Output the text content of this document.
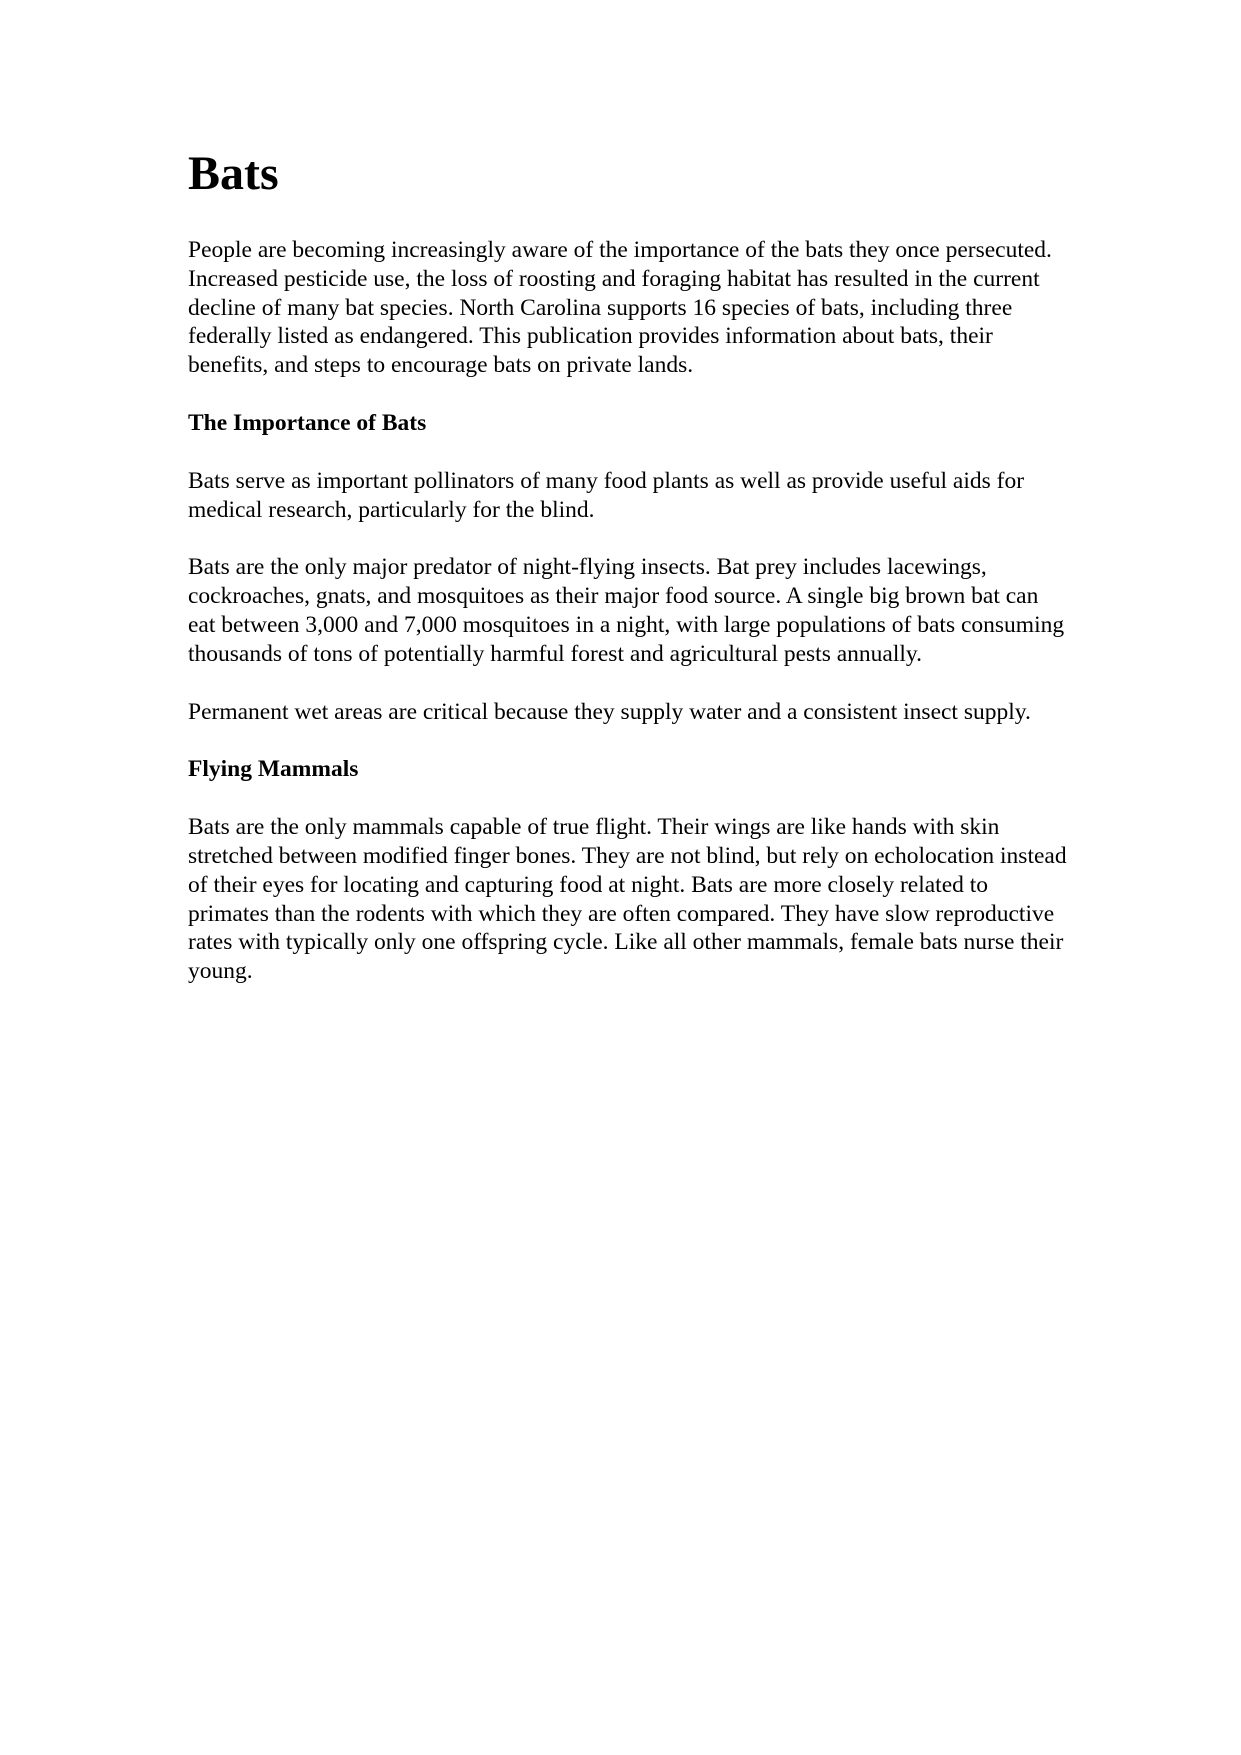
Bats

People are becoming increasingly aware of the importance of the bats they once persecuted. Increased pesticide use, the loss of roosting and foraging habitat has resulted in the current decline of many bat species. North Carolina supports 16 species of bats, including three federally listed as endangered. This publication provides information about bats, their benefits, and steps to encourage bats on private lands.

The Importance of Bats

Bats serve as important pollinators of many food plants as well as provide useful aids for medical research, particularly for the blind.

Bats are the only major predator of night-flying insects. Bat prey includes lacewings, cockroaches, gnats, and mosquitoes as their major food source. A single big brown bat can eat between 3,000 and 7,000 mosquitoes in a night, with large populations of bats consuming thousands of tons of potentially harmful forest and agricultural pests annually.

Permanent wet areas are critical because they supply water and a consistent insect supply.

Flying Mammals

Bats are the only mammals capable of true flight. Their wings are like hands with skin stretched between modified finger bones. They are not blind, but rely on echolocation instead of their eyes for locating and capturing food at night. Bats are more closely related to primates than the rodents with which they are often compared. They have slow reproductive rates with typically only one offspring cycle. Like all other mammals, female bats nurse their young.
